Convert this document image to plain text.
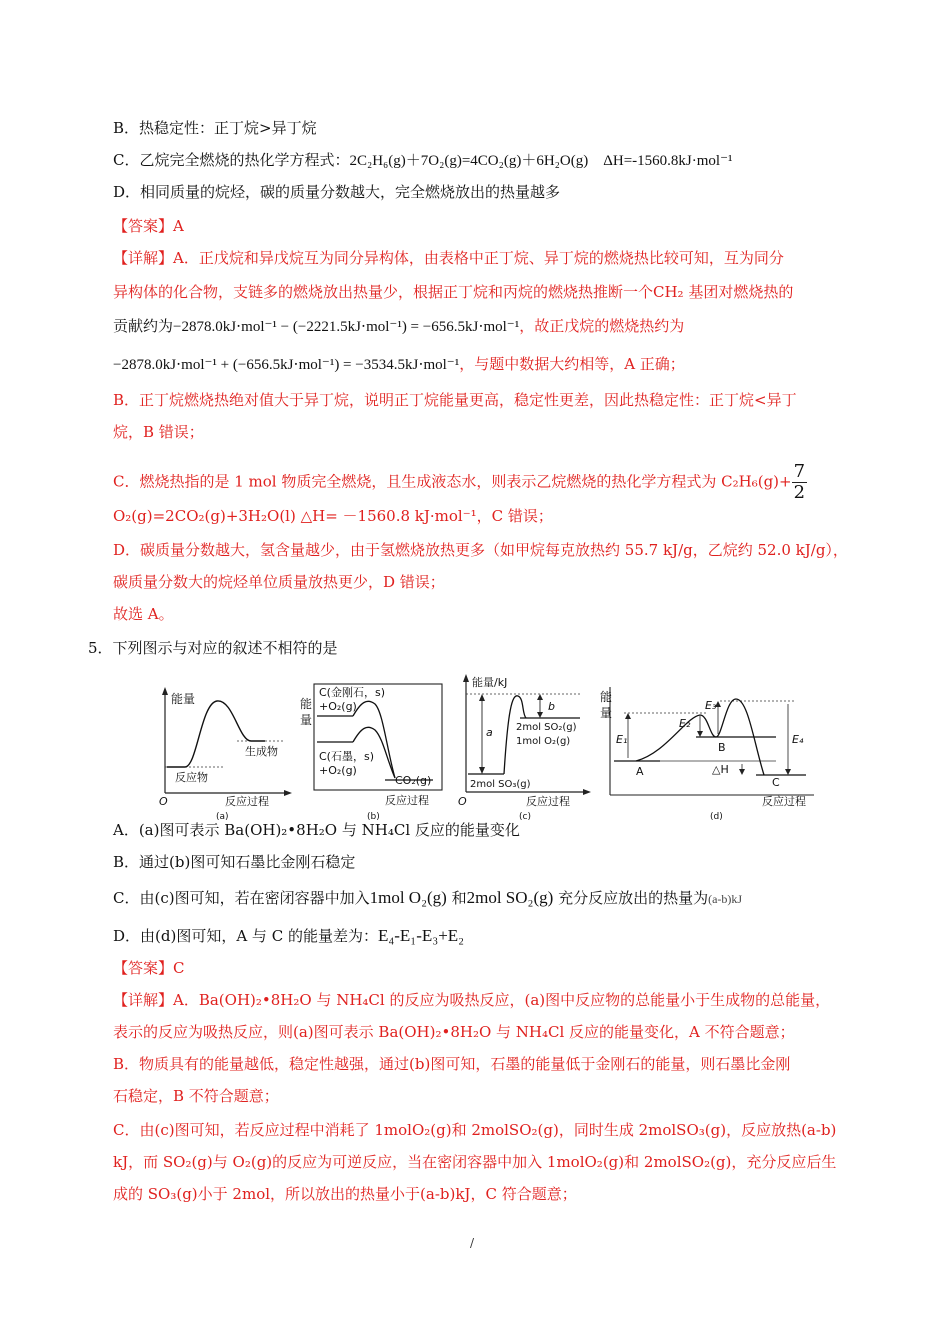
B．热稳定性：正丁烷>异丁烷
C．乙烷完全燃烧的热化学方程式：2C₂H₆(g)＋7O₂(g)=4CO₂(g)＋6H₂O(g)　ΔH=-1560.8kJ·mol⁻¹
D．相同质量的烷烃，碳的质量分数越大，完全燃烧放出的热量越多
【答案】A
【详解】A．正戊烷和异戊烷互为同分异构体，由表格中正丁烷、异丁烷的燃烧热比较可知，互为同分
异构体的化合物，支链多的燃烧放出热量少，根据正丁烷和丙烷的燃烧热推断一个CH₂ 基团对燃烧热的
贡献约为−2878.0kJ⋅mol⁻¹ − (−2221.5kJ⋅mol⁻¹) = −656.5kJ⋅mol⁻¹，故正戊烷的燃烧热约为
−2878.0kJ⋅mol⁻¹ + (−656.5kJ⋅mol⁻¹) = −3534.5kJ⋅mol⁻¹，与题中数据大约相等，A 正确；
B．正丁烷燃烧热绝对值大于异丁烷，说明正丁烷能量更高，稳定性更差，因此热稳定性：正丁烷<异丁
烷，B 错误；
C．燃烧热指的是 1 mol 物质完全燃烧，且生成液态水，则表示乙烷燃烧的热化学方程式为 $C_2H_6(g)+ \frac{7}{2}$
O₂(g)=2CO₂(g)+3H₂O(l) △H= －1560.8 kJ·mol⁻¹，C 错误；
D．碳质量分数越大，氢含量越少，由于氢燃烧放热更多（如甲烷每克放热约 55.7 kJ/g，乙烷约 52.0 kJ/g），
碳质量分数大的烷烃单位质量放热更少，D 错误；
故选 A。
5．下列图示与对应的叙述不相符的是
能量
反应物
生成物
O	反应过程
(a)
能
量
C(金刚石，s)
+O₂(g)
C(石墨，s)
+O₂(g)
CO₂(g)
反应过程
(b)
能量/kJ
a
b
2mol SO₂(g)
1mol O₂(g)
2mol SO₃(g)
O	反应过程
(c)
能
量
A
B
C
E₁
E₂
E₃
E₄
△H
反应过程
(d)
A．(a)图可表示 Ba(OH)₂•8H₂O 与 NH₄Cl 反应的能量变化
B．通过(b)图可知石墨比金刚石稳定
C．由(c)图可知，若在密闭容器中加入1mol O₂(g) 和2mol SO₂(g) 充分反应放出的热量为(a-b)kJ
D．由(d)图可知，A 与 C 的能量差为：E₄-E₁-E₃+E₂
【答案】C
【详解】A．Ba(OH)₂•8H₂O 与 NH₄Cl 的反应为吸热反应，(a)图中反应物的总能量小于生成物的总能量，
表示的反应为吸热反应，则(a)图可表示 Ba(OH)₂•8H₂O 与 NH₄Cl 反应的能量变化，A 不符合题意；
B．物质具有的能量越低，稳定性越强，通过(b)图可知，石墨的能量低于金刚石的能量，则石墨比金刚
石稳定，B 不符合题意；
C．由(c)图可知，若反应过程中消耗了 1molO₂(g)和 2molSO₂(g)，同时生成 2molSO₃(g)，反应放热(a-b)
kJ，而 SO₂(g)与 O₂(g)的反应为可逆反应，当在密闭容器中加入 1molO₂(g)和 2molSO₂(g)，充分反应后生
成的 SO₃(g)小于 2mol，所以放出的热量小于(a-b)kJ，C 符合题意；
/
